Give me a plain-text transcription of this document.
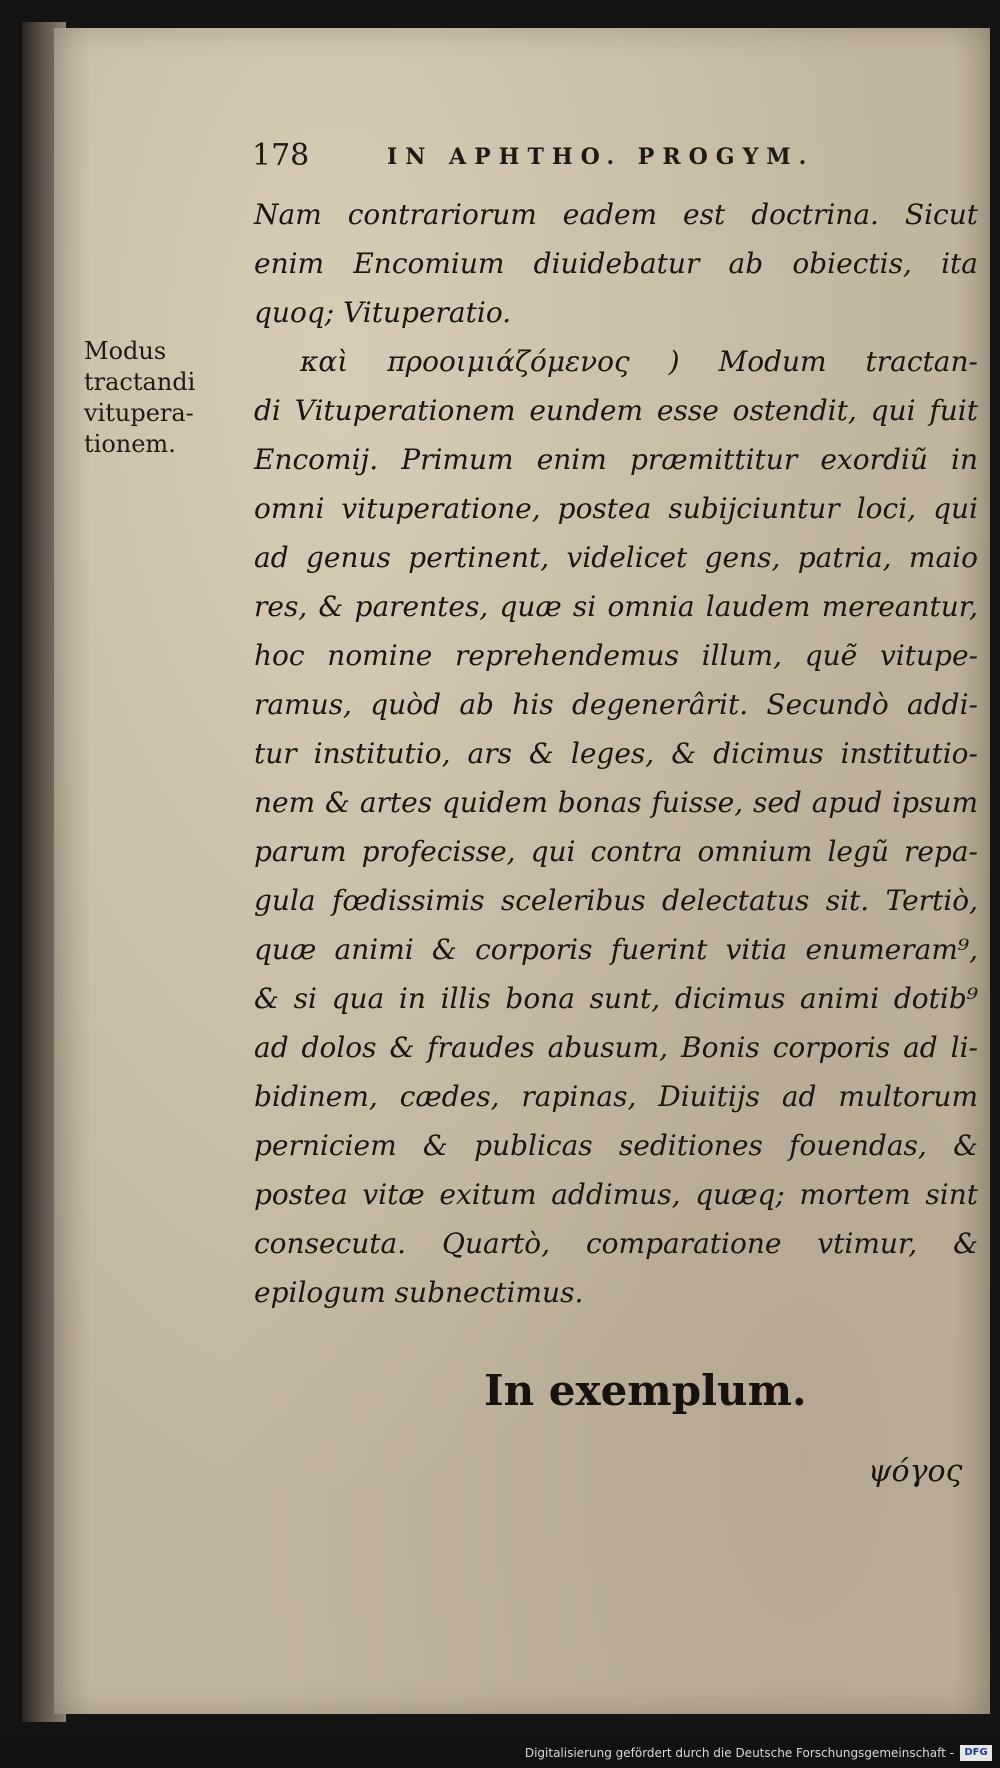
178	IN APHTHO. PROGYM.
Modus
tractandi
vitupera-
tionem.
Nam contrariorum eadem est doctrina. Sicut
enim Encomium diuidebatur ab obiectis, ita
quoq; Vituperatio.
καὶ προοιμιάζόμενος ) Modum tractan-
di Vituperationem eundem esse ostendit, qui fuit
Encomij. Primum enim præmittitur exordiũ in
omni vituperatione, postea subijciuntur loci, qui
ad genus pertinent, videlicet gens, patria, maio
res, & parentes, quæ si omnia laudem mereantur,
hoc nomine reprehendemus illum, quẽ vitupe-
ramus, quòd ab his degenerârit. Secundò addi-
tur institutio, ars & leges, & dicimus institutio-
nem & artes quidem bonas fuisse, sed apud ipsum
parum profecisse, qui contra omnium legũ repa-
gula fœdissimis sceleribus delectatus sit. Tertiò,
quæ animi & corporis fuerint vitia enumeram⁹,
& si qua in illis bona sunt, dicimus animi dotib⁹
ad dolos & fraudes abusum, Bonis corporis ad li-
bidinem, cædes, rapinas, Diuitijs ad multorum
perniciem & publicas seditiones fouendas, &
postea vitæ exitum addimus, quæq; mortem sint
consecuta. Quartò, comparatione vtimur, &
epilogum subnectimus.
In exemplum.
ψόγος
Digitalisierung gefördert durch die Deutsche Forschungsgemeinschaft -	DFG
